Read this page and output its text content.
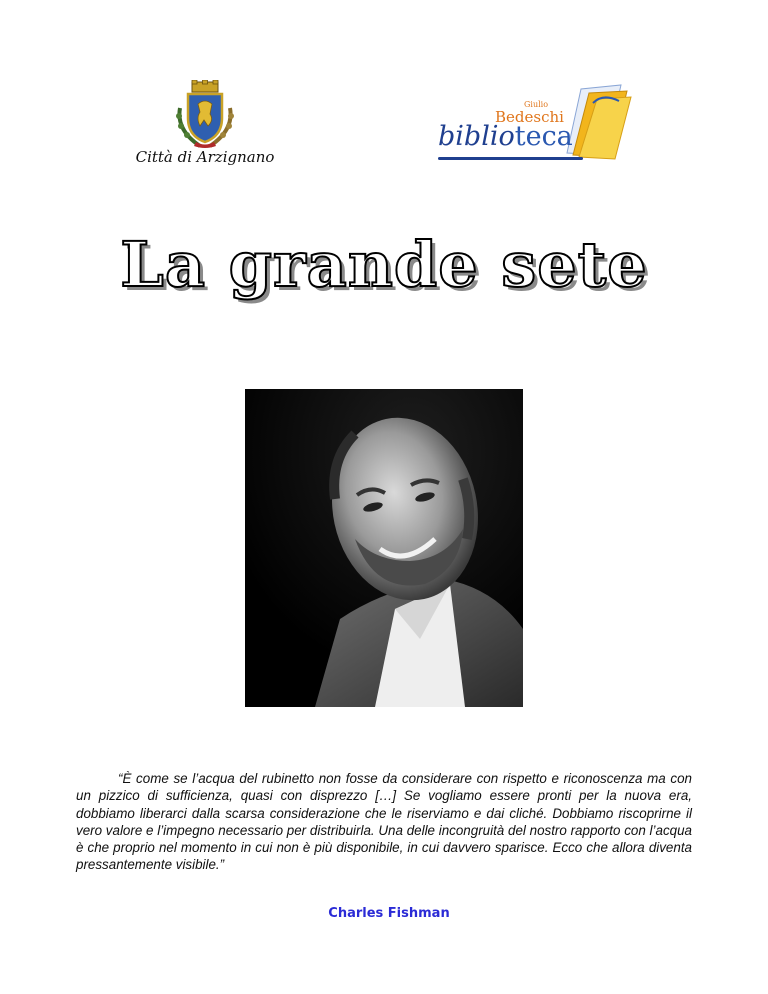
Città di Arzignano
Giulio
Bedeschi
biblioteca
La grande sete

“È come se l’acqua del rubinetto non fosse da considerare con rispetto e riconoscenza ma con un pizzico di sufficienza, quasi con disprezzo […] Se vogliamo essere pronti per la nuova era, dobbiamo liberarci dalla scarsa considerazione che le riserviamo e dai cliché. Dobbiamo riscoprirne il vero valore e l’impegno necessario per distribuirla. Una delle incongruità del nostro rapporto con l’acqua è che proprio nel momento in cui non è più disponibile, in cui davvero sparisce. Ecco che allora diventa pressantemente visibile.”

Charles Fishman
